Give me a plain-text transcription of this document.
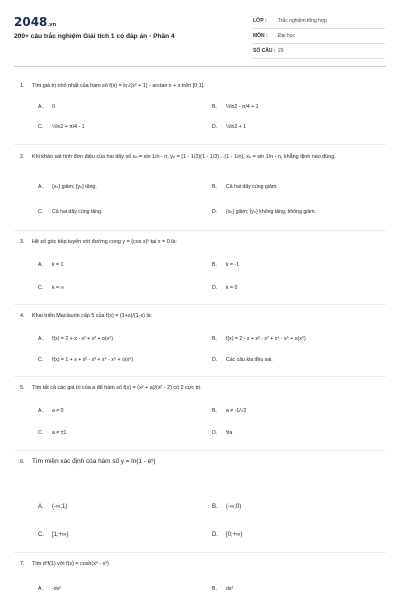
2048.vn
LỚP :	Trắc nghiệm tổng hợp
MÔN :	Đại học
SỐ CÂU : 29
200+ câu trắc nghiệm Giải tích 1 có đáp án - Phần 4
1.	Tìm giá trị nhỏ nhất của hàm số f(x) = ln√(x² + 1) - arctan x + x trên [0;1].
A. 0	B. ½ln2 - π/4 + 1
C. ½ln2 + π/4 - 1	D. ½ln2 + 1
2.	Khi khảo sát tính đơn điệu của hai dãy số xₙ = sin 1/n - n, yₙ = (1 - 1/2)(1 - 1/3)…(1 - 1/n), xₙ = sin 1/n - n, khẳng định nào đúng.
A. {xₙ} giảm; {yₙ} tăng.	B. Cả hai dãy cùng giảm.
C. Cả hai dãy cùng tăng.	D. {xₙ} giảm; {yₙ} không tăng, không giảm.
3.	Hệ số góc tiếp tuyến với đường cong y = (cos x)ˣ tại x = 0 là:
A. k = 1	B. k = -1
C. k = ∞	D. k = 0
4.	Khai triển Maclaurin cấp 5 của f(x) = (1+x)/(1-x) là:
A. f(x) = 2 + x - x² + x³ + o(x⁵)	B. f(x) = 2 - x + x² - x³ + x⁴ - x⁵ + o(x⁵)
C. f(x) = 1 + x + x² - x³ + x⁴ - x⁵ + o(x⁵)	D. Các câu kia đều sai.
5.	Tìm tất cả các giá trị của a để hàm số f(x) = (x² + a)/(x² - 2) có 2 cực trị.
A. a ≠ 0	B. a ≠ -1/√2
C. a ≠ ±1	D. ∀a
6.	Tìm miền xác định của hàm số y = ln(1 - eˣ)
A. (-∞;1)	B. (-∞;0)
C. [1;+∞)	D. [0;+∞)
7.	Tìm d²f(1) với f(x) = cosh(x³ - x³)
A. -dx²	B. dx²
